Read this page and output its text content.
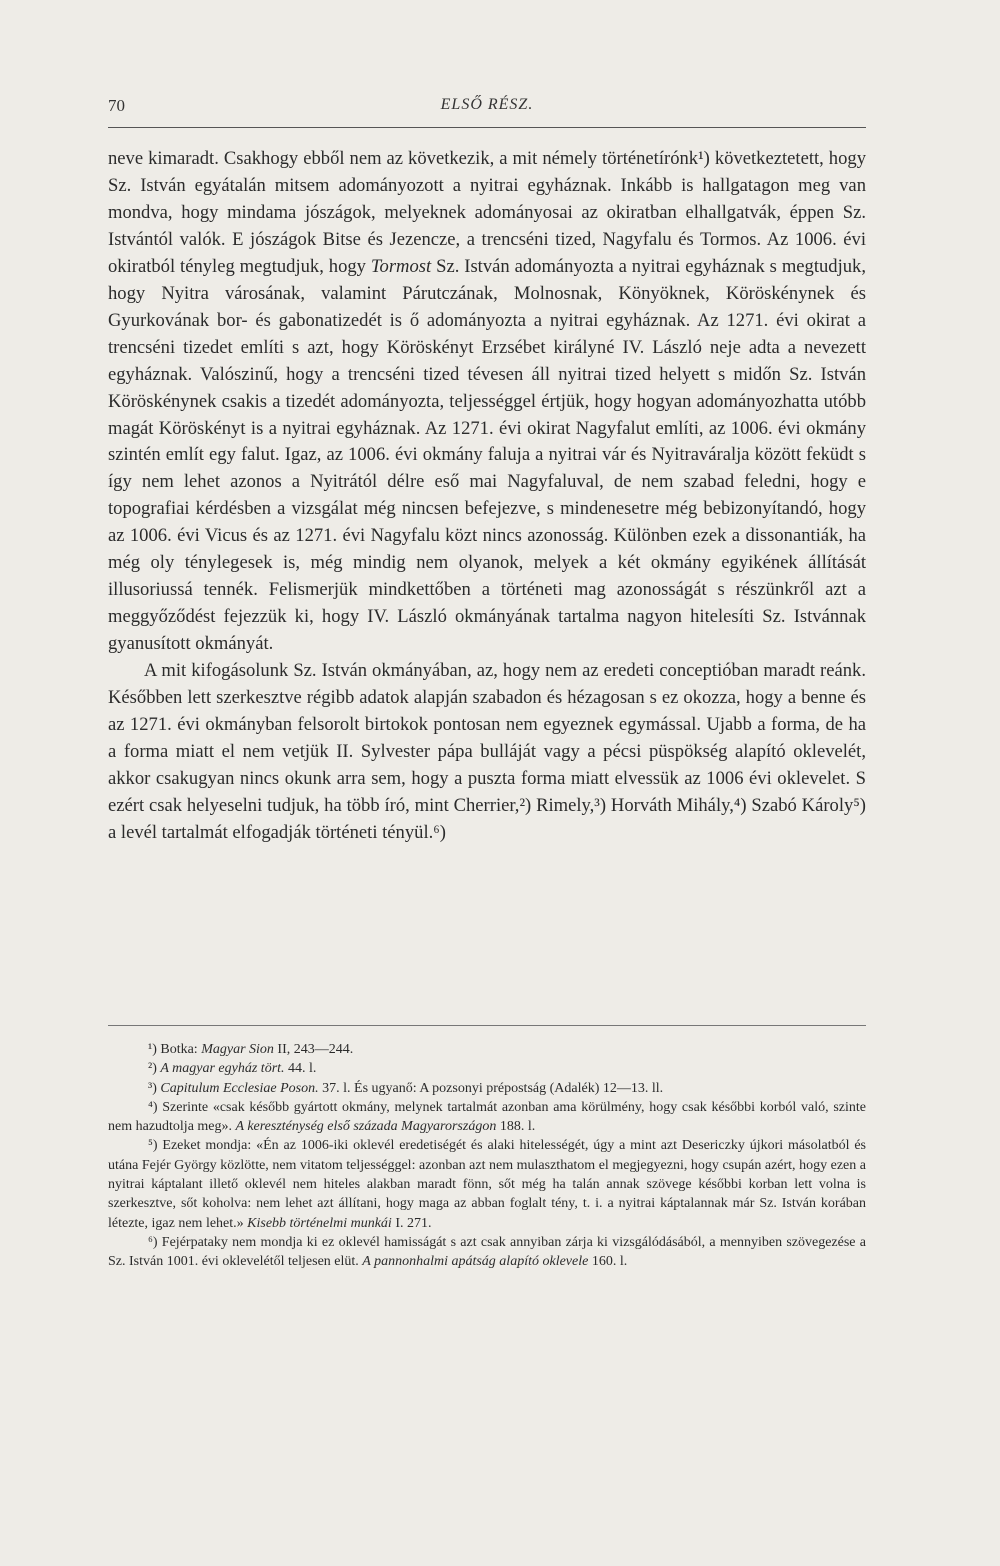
70	ELSŐ RÉSZ.

neve kimaradt. Csakhogy ebből nem az következik, a mit némely történetírónk¹) következtetett, hogy Sz. István egyátalán mitsem adományozott a nyitrai egyháznak. Inkább is hallgatagon meg van mondva, hogy mindama jószágok, melyeknek adományosai az okiratban elhallgatvák, éppen Sz. Istvántól valók. E jószágok Bitse és Jezencze, a trencséni tized, Nagyfalu és Tormos. Az 1006. évi okiratból tényleg megtudjuk, hogy Tormost Sz. István adományozta a nyitrai egyháznak s megtudjuk, hogy Nyitra városának, valamint Párutczának, Molnosnak, Könyöknek, Köröskénynek és Gyurkovának bor- és gabonatizedét is ő adományozta a nyitrai egyháznak. Az 1271. évi okirat a trencséni tizedet említi s azt, hogy Köröskényt Erzsébet királyné IV. László neje adta a nevezett egyháznak. Valószinű, hogy a trencséni tized tévesen áll nyitrai tized helyett s midőn Sz. István Köröskénynek csakis a tizedét adományozta, teljességgel értjük, hogy hogyan adományozhatta utóbb magát Köröskényt is a nyitrai egyháznak. Az 1271. évi okirat Nagyfalut említi, az 1006. évi okmány szintén említ egy falut. Igaz, az 1006. évi okmány faluja a nyitrai vár és Nyitraváralja között feküdt s így nem lehet azonos a Nyitrától délre eső mai Nagyfaluval, de nem szabad feledni, hogy e topografiai kérdésben a vizsgálat még nincsen befejezve, s mindenesetre még bebizonyítandó, hogy az 1006. évi Vicus és az 1271. évi Nagyfalu közt nincs azonosság. Különben ezek a dissonantiák, ha még oly ténylegesek is, még mindig nem olyanok, melyek a két okmány egyikének állítását illusoriussá tennék. Felismerjük mindkettőben a történeti mag azonosságát s részünkről azt a meggyőződést fejezzük ki, hogy IV. László okmányának tartalma nagyon hitelesíti Sz. Istvánnak gyanusított okmányát.

A mit kifogásolunk Sz. István okmányában, az, hogy nem az eredeti conceptióban maradt reánk. Későbben lett szerkesztve régibb adatok alapján szabadon és hézagosan s ez okozza, hogy a benne és az 1271. évi okmányban felsorolt birtokok pontosan nem egyeznek egymással. Ujabb a forma, de ha a forma miatt el nem vetjük II. Sylvester pápa bulláját vagy a pécsi püspökség alapító oklevelét, akkor csakugyan nincs okunk arra sem, hogy a puszta forma miatt elvessük az 1006 évi oklevelet. S ezért csak helyeselni tudjuk, ha több író, mint Cherrier,²) Rimely,³) Horváth Mihály,⁴) Szabó Károly⁵) a levél tartalmát elfogadják történeti tényül.⁶)

¹) Botka: Magyar Sion II, 243—244.

²) A magyar egyház tört. 44. l.

³) Capitulum Ecclesiae Poson. 37. l. És ugyanő: A pozsonyi prépostság (Adalék) 12—13. ll.

⁴) Szerinte «csak később gyártott okmány, melynek tartalmát azonban ama körülmény, hogy csak későbbi korból való, szinte nem hazudtolja meg». A kereszténység első százada Magyarországon 188. l.

⁵) Ezeket mondja: «Én az 1006-iki oklevél eredetiségét és alaki hitelességét, úgy a mint azt Desericzky újkori másolatból és utána Fejér György közlötte, nem vitatom teljességgel: azonban azt nem mulaszthatom el megjegyezni, hogy csupán azért, hogy ezen a nyitrai káptalant illető oklevél nem hiteles alakban maradt fönn, sőt még ha talán annak szövege későbbi korban lett volna is szerkesztve, sőt koholva: nem lehet azt állítani, hogy maga az abban foglalt tény, t. i. a nyitrai káptalannak már Sz. István korában létezte, igaz nem lehet.» Kisebb történelmi munkái I. 271.

⁶) Fejérpataky nem mondja ki ez oklevél hamisságát s azt csak annyiban zárja ki vizsgálódásából, a mennyiben szövegezése a Sz. István 1001. évi oklevelétől teljesen elüt. A pannonhalmi apátság alapító oklevele 160. l.
